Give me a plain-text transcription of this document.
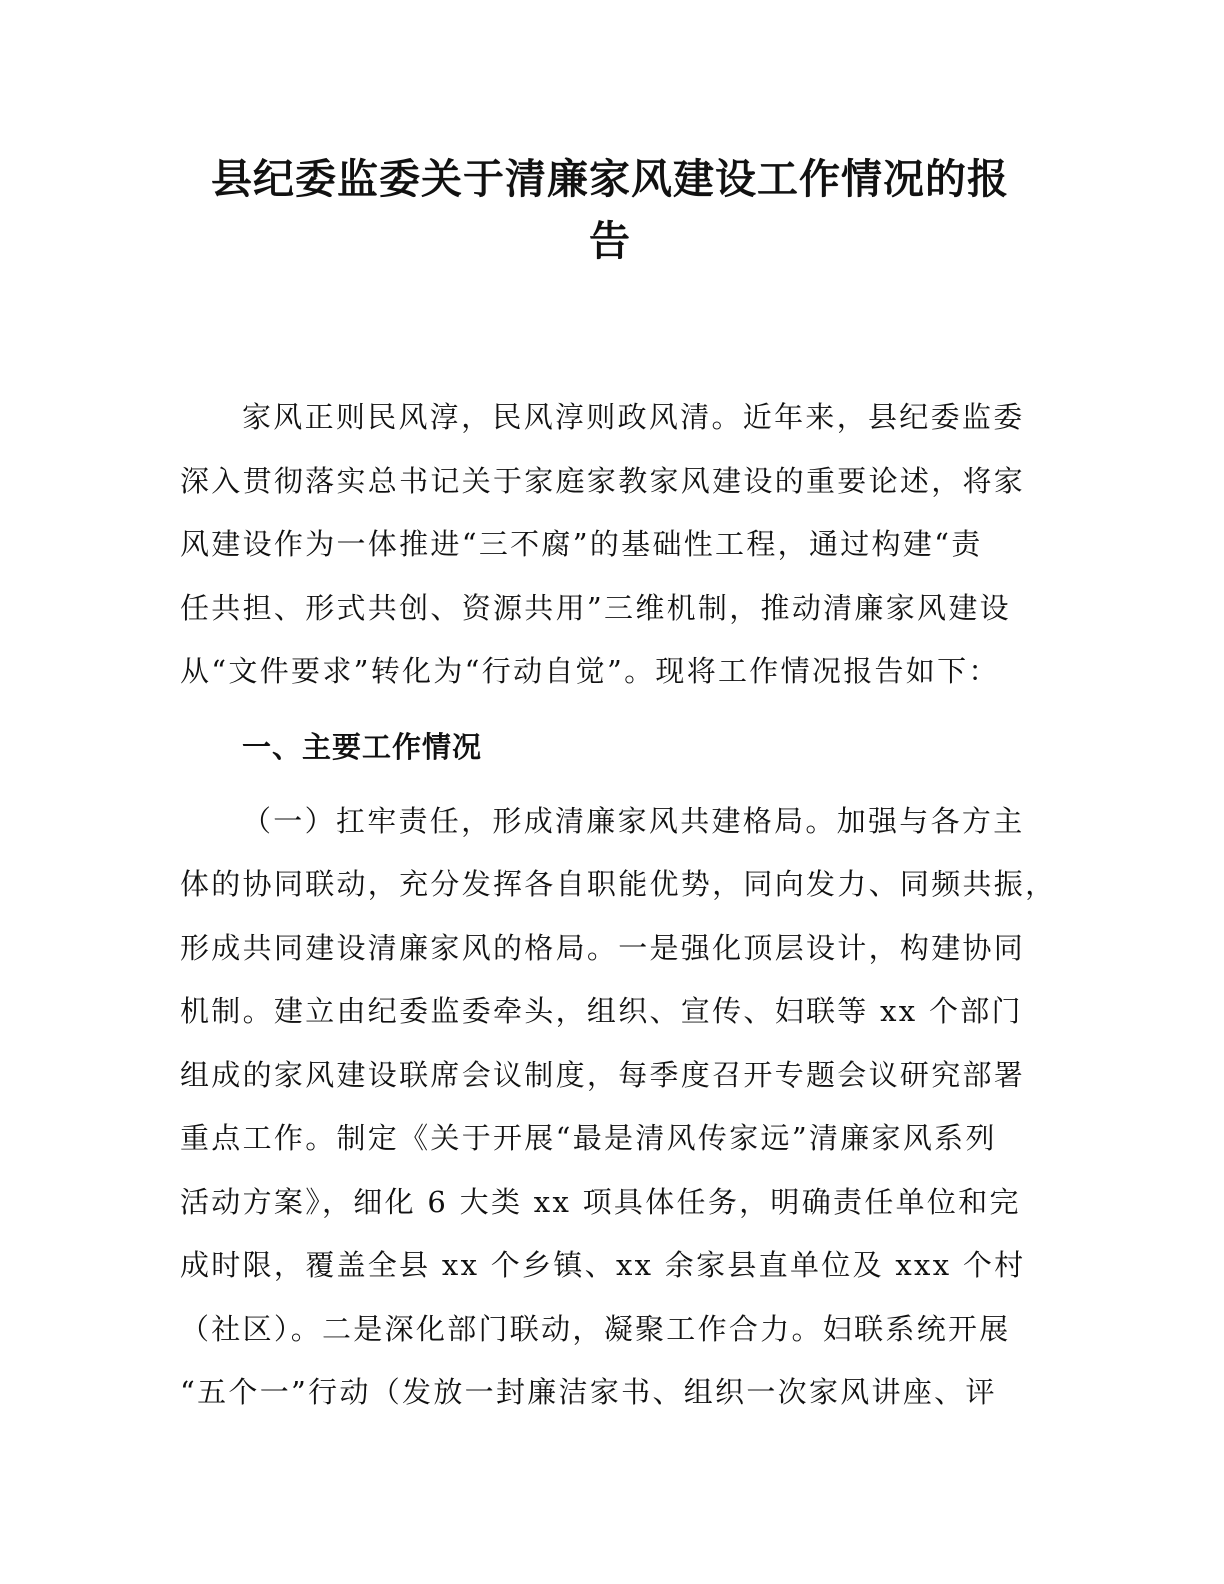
县纪委监委关于清廉家风建设工作情况的报
告

家风正则民风淳，民风淳则政风清。近年来，县纪委监委
深入贯彻落实总书记关于家庭家教家风建设的重要论述，将家
风建设作为一体推进“三不腐”的基础性工程，通过构建“责
任共担、形式共创、资源共用”三维机制，推动清廉家风建设
从“文件要求”转化为“行动自觉”。现将工作情况报告如下：

一、主要工作情况

（一）扛牢责任，形成清廉家风共建格局。加强与各方主
体的协同联动，充分发挥各自职能优势，同向发力、同频共振，
形成共同建设清廉家风的格局。一是强化顶层设计，构建协同
机制。建立由纪委监委牵头，组织、宣传、妇联等 xx 个部门
组成的家风建设联席会议制度，每季度召开专题会议研究部署
重点工作。制定《关于开展“最是清风传家远”清廉家风系列
活动方案》，细化 6 大类 xx 项具体任务，明确责任单位和完
成时限，覆盖全县 xx 个乡镇、xx 余家县直单位及 xxx 个村
（社区）。二是深化部门联动，凝聚工作合力。妇联系统开展
“五个一”行动（发放一封廉洁家书、组织一次家风讲座、评
